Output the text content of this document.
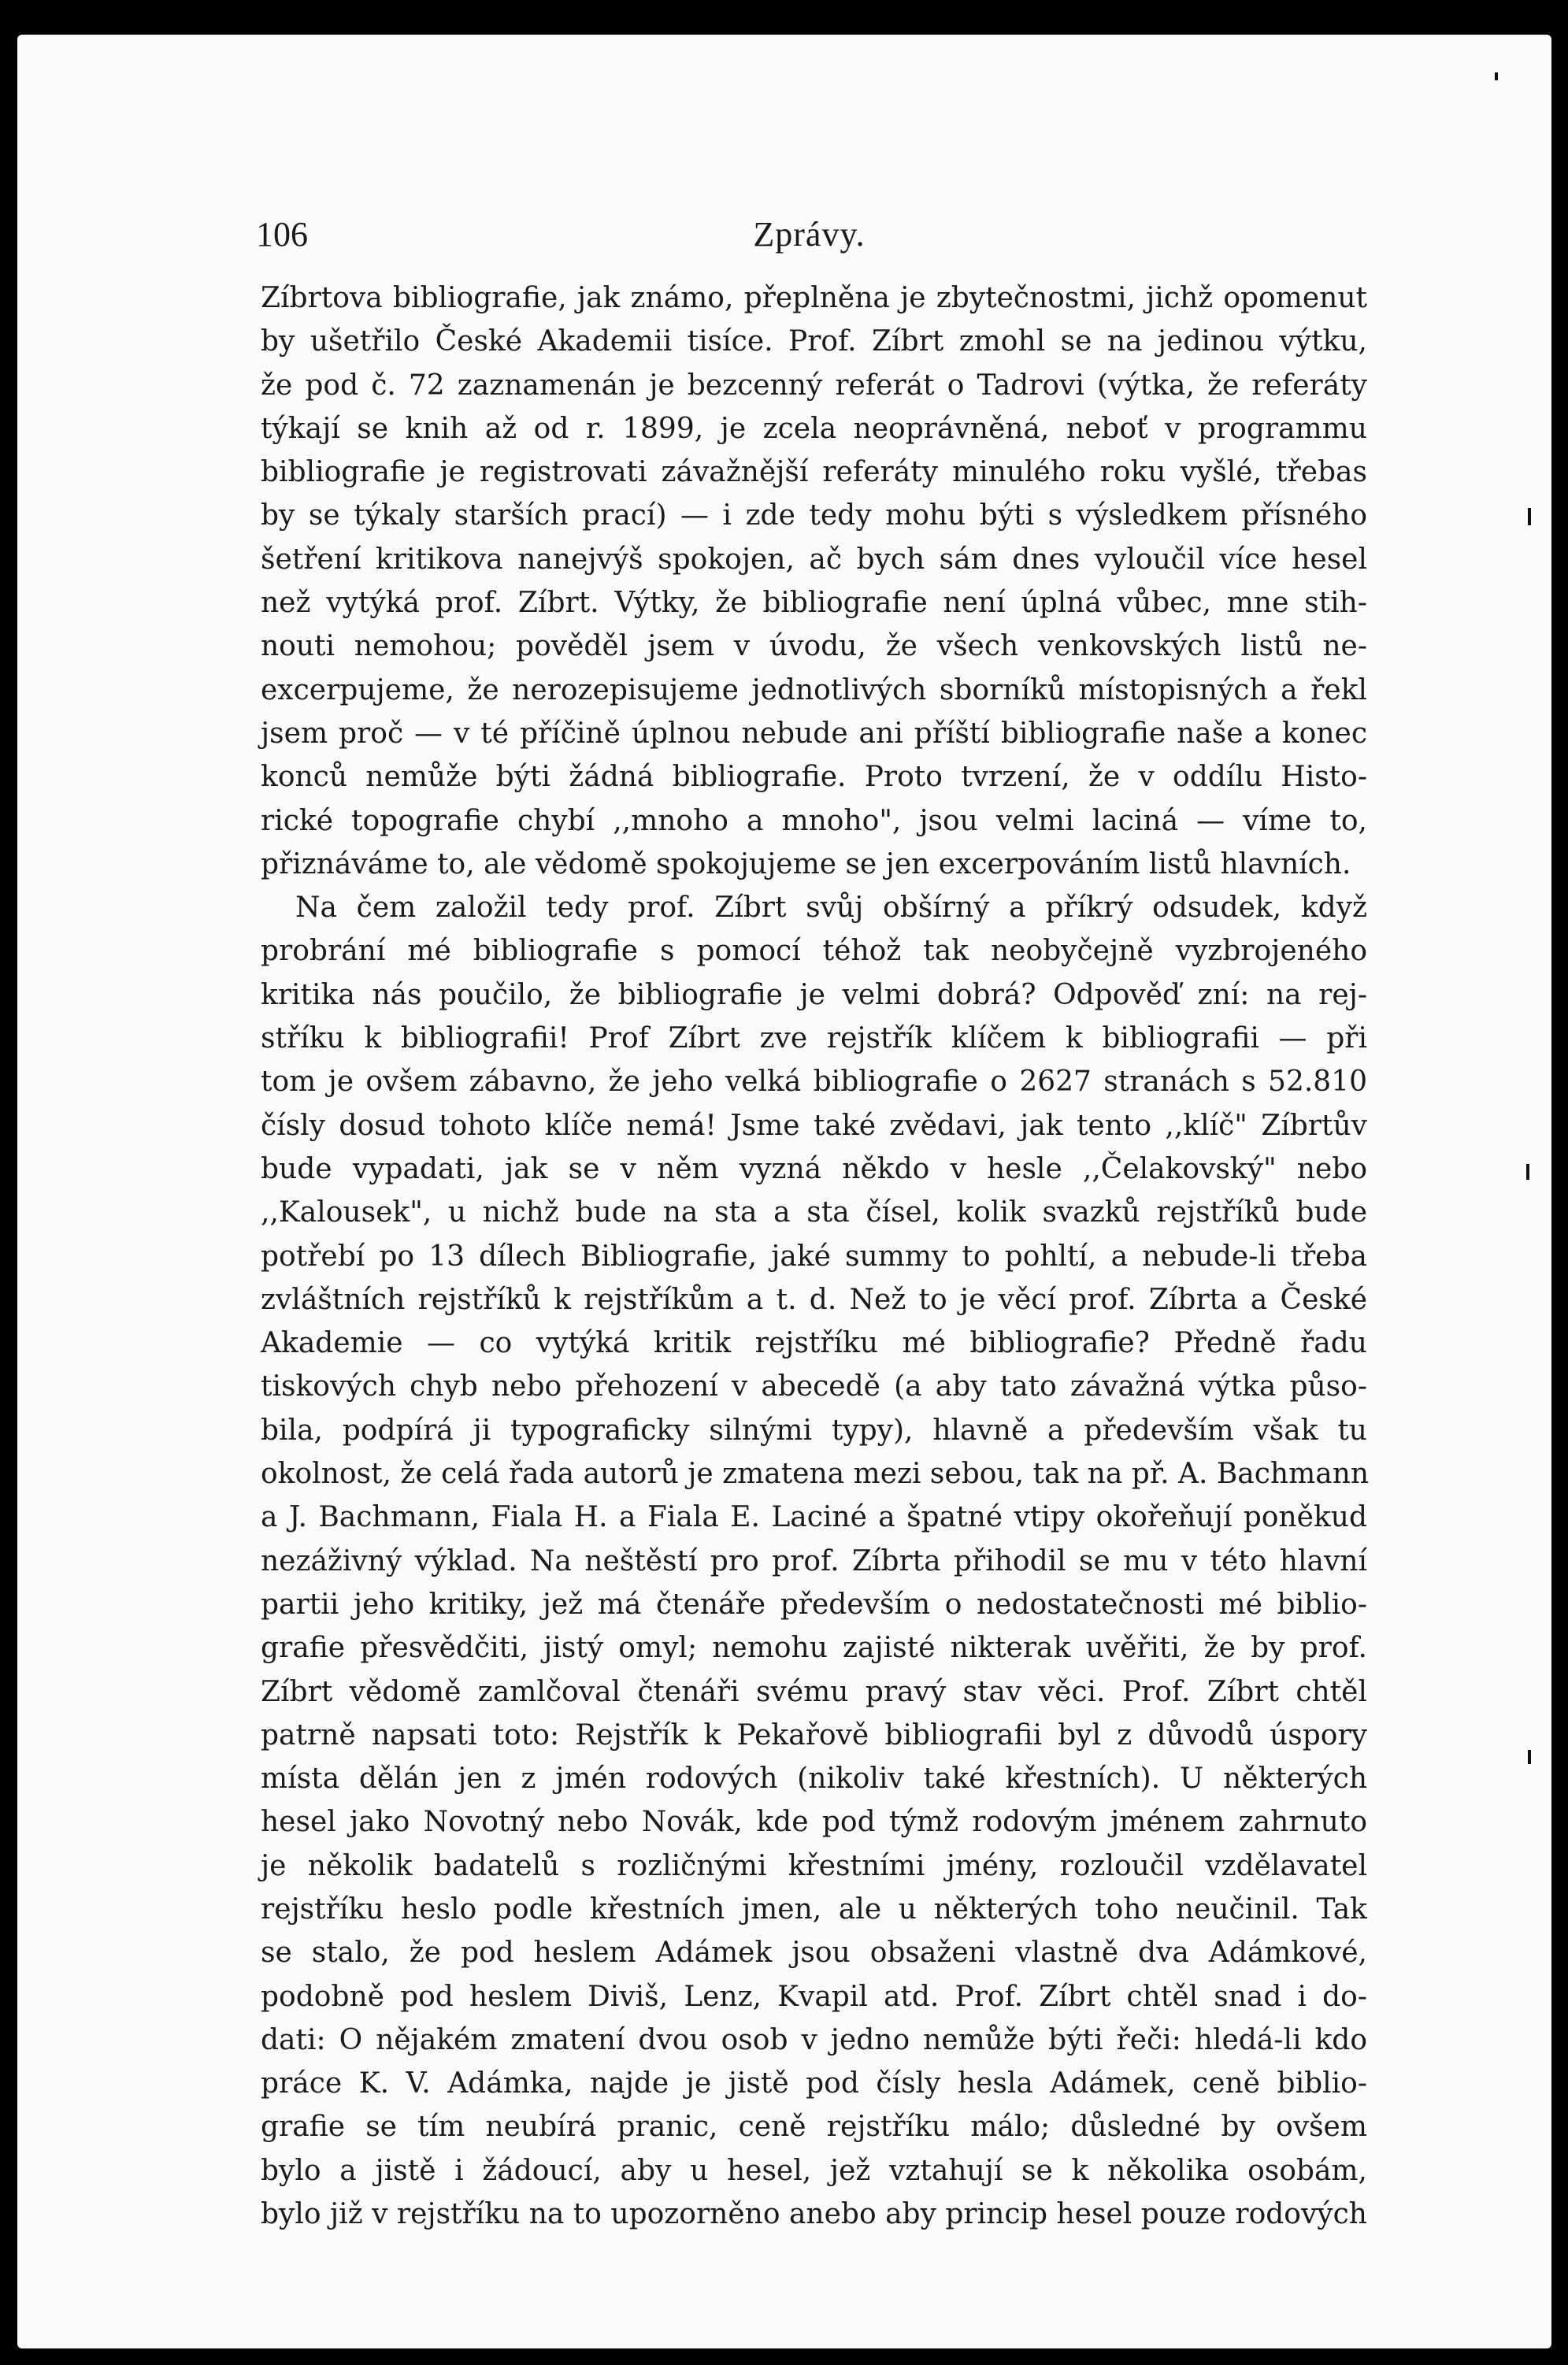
106	Zprávy.
Zíbrtova bibliografie, jak známo, přeplněna je zbytečnostmi, jichž opomenut
by ušetřilo České Akademii tisíce. Prof. Zíbrt zmohl se na jedinou výtku,
že pod č. 72 zaznamenán je bezcenný referát o Tadrovi (výtka, že referáty
týkají se knih až od r. 1899, je zcela neoprávněná, neboť v programmu
bibliografie je registrovati závažnější referáty minulého roku vyšlé, třebas
by se týkaly starších prací) — i zde tedy mohu býti s výsledkem přísného
šetření kritikova nanejvýš spokojen, ač bych sám dnes vyloučil více hesel
než vytýká prof. Zíbrt. Výtky, že bibliografie není úplná vůbec, mne stih-
nouti nemohou; pověděl jsem v úvodu, že všech venkovských listů ne-
excerpujeme, že nerozepisujeme jednotlivých sborníků místopisných a řekl
jsem proč — v té příčině úplnou nebude ani příští bibliografie naše a konec
konců nemůže býti žádná bibliografie. Proto tvrzení, že v oddílu Histo-
rické topografie chybí ,,mnoho a mnoho", jsou velmi laciná — víme to,
přiznáváme to, ale vědomě spokojujeme se jen excerpováním listů hlavních.
Na čem založil tedy prof. Zíbrt svůj obšírný a příkrý odsudek, když
probrání mé bibliografie s pomocí téhož tak neobyčejně vyzbrojeného
kritika nás poučilo, že bibliografie je velmi dobrá? Odpověď zní: na rej-
stříku k bibliografii! Prof Zíbrt zve rejstřík klíčem k bibliografii — při
tom je ovšem zábavno, že jeho velká bibliografie o 2627 stranách s 52.810
čísly dosud tohoto klíče nemá! Jsme také zvědavi, jak tento ,,klíč" Zíbrtův
bude vypadati, jak se v něm vyzná někdo v hesle ,,Čelakovský" nebo
,,Kalousek", u nichž bude na sta a sta čísel, kolik svazků rejstříků bude
potřebí po 13 dílech Bibliografie, jaké summy to pohltí, a nebude-li třeba
zvláštních rejstříků k rejstříkům a t. d. Než to je věcí prof. Zíbrta a České
Akademie — co vytýká kritik rejstříku mé bibliografie? Předně řadu
tiskových chyb nebo přehození v abecedě (a aby tato závažná výtka půso-
bila, podpírá ji typograficky silnými typy), hlavně a především však tu
okolnost, že celá řada autorů je zmatena mezi sebou, tak na př. A. Bachmann
a J. Bachmann, Fiala H. a Fiala E. Laciné a špatné vtipy okořeňují poněkud
nezáživný výklad. Na neštěstí pro prof. Zíbrta přihodil se mu v této hlavní
partii jeho kritiky, jež má čtenáře především o nedostatečnosti mé biblio-
grafie přesvědčiti, jistý omyl; nemohu zajisté nikterak uvěřiti, že by prof.
Zíbrt vědomě zamlčoval čtenáři svému pravý stav věci. Prof. Zíbrt chtěl
patrně napsati toto: Rejstřík k Pekařově bibliografii byl z důvodů úspory
místa dělán jen z jmén rodových (nikoliv také křestních). U některých
hesel jako Novotný nebo Novák, kde pod týmž rodovým jménem zahrnuto
je několik badatelů s rozličnými křestními jmény, rozloučil vzdělavatel
rejstříku heslo podle křestních jmen, ale u některých toho neučinil. Tak
se stalo, že pod heslem Adámek jsou obsaženi vlastně dva Adámkové,
podobně pod heslem Diviš, Lenz, Kvapil atd. Prof. Zíbrt chtěl snad i do-
dati: O nějakém zmatení dvou osob v jedno nemůže býti řeči: hledá-li kdo
práce K. V. Adámka, najde je jistě pod čísly hesla Adámek, ceně biblio-
grafie se tím neubírá pranic, ceně rejstříku málo; důsledné by ovšem
bylo a jistě i žádoucí, aby u hesel, jež vztahují se k několika osobám,
bylo již v rejstříku na to upozorněno anebo aby princip hesel pouze rodových
